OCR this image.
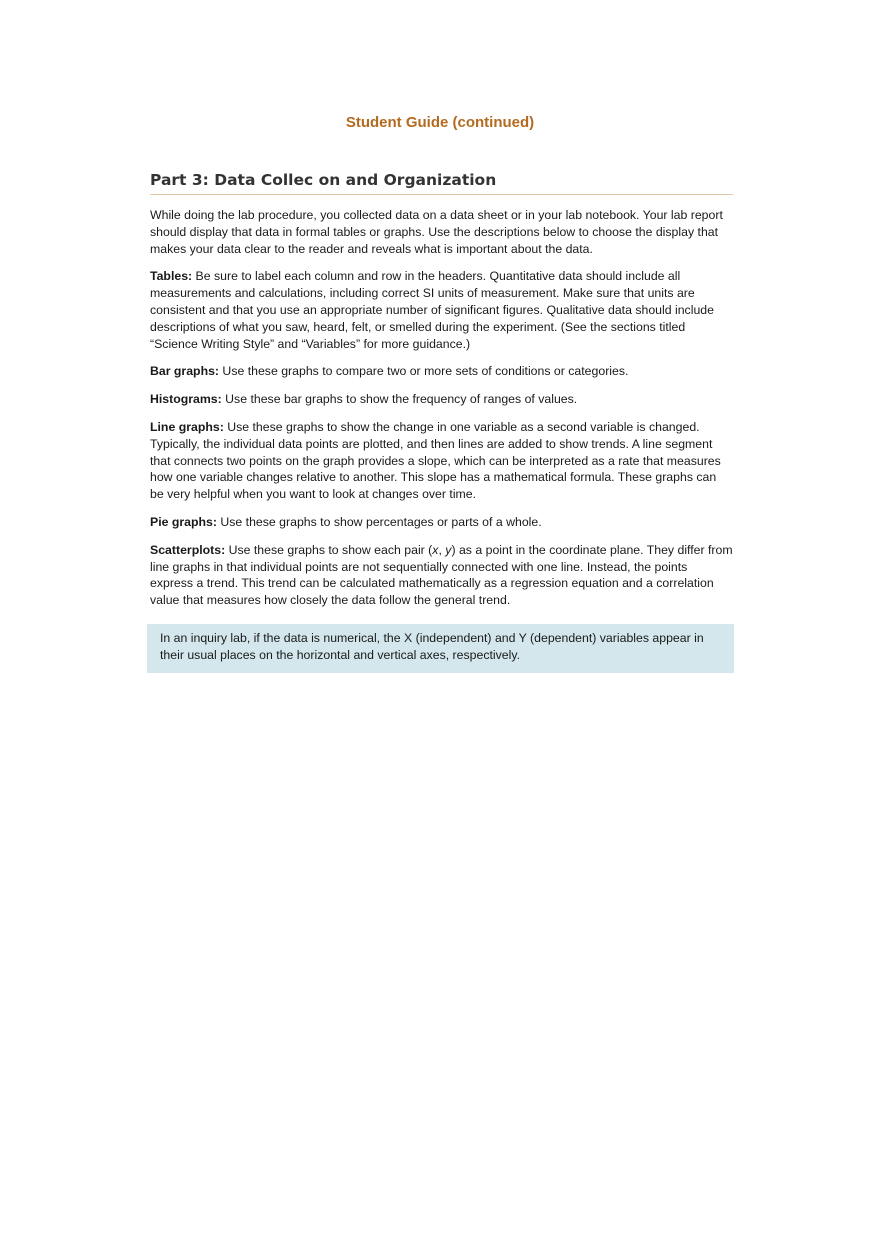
Student Guide (continued)
Part 3: Data Collec on and Organization

While doing the lab procedure, you collected data on a data sheet or in your lab notebook. Your lab report should display that data in formal tables or graphs. Use the descriptions below to choose the display that makes your data clear to the reader and reveals what is important about the data.

Tables: Be sure to label each column and row in the headers. Quantitative data should include all measurements and calculations, including correct SI units of measurement. Make sure that units are consistent and that you use an appropriate number of significant figures. Qualitative data should include descriptions of what you saw, heard, felt, or smelled during the experiment. (See the sections titled “Science Writing Style” and “Variables” for more guidance.)

Bar graphs: Use these graphs to compare two or more sets of conditions or categories.

Histograms: Use these bar graphs to show the frequency of ranges of values.

Line graphs: Use these graphs to show the change in one variable as a second variable is changed. Typically, the individual data points are plotted, and then lines are added to show trends. A line segment that connects two points on the graph provides a slope, which can be interpreted as a rate that measures how one variable changes relative to another. This slope has a mathematical formula. These graphs can be very helpful when you want to look at changes over time.

Pie graphs: Use these graphs to show percentages or parts of a whole.

Scatterplots: Use these graphs to show each pair (x, y) as a point in the coordinate plane. They differ from line graphs in that individual points are not sequentially connected with one line. Instead, the points express a trend. This trend can be calculated mathematically as a regression equation and a correlation value that measures how closely the data follow the general trend.

In an inquiry lab, if the data is numerical, the X (independent) and Y (dependent) variables appear in their usual places on the horizontal and vertical axes, respectively.
